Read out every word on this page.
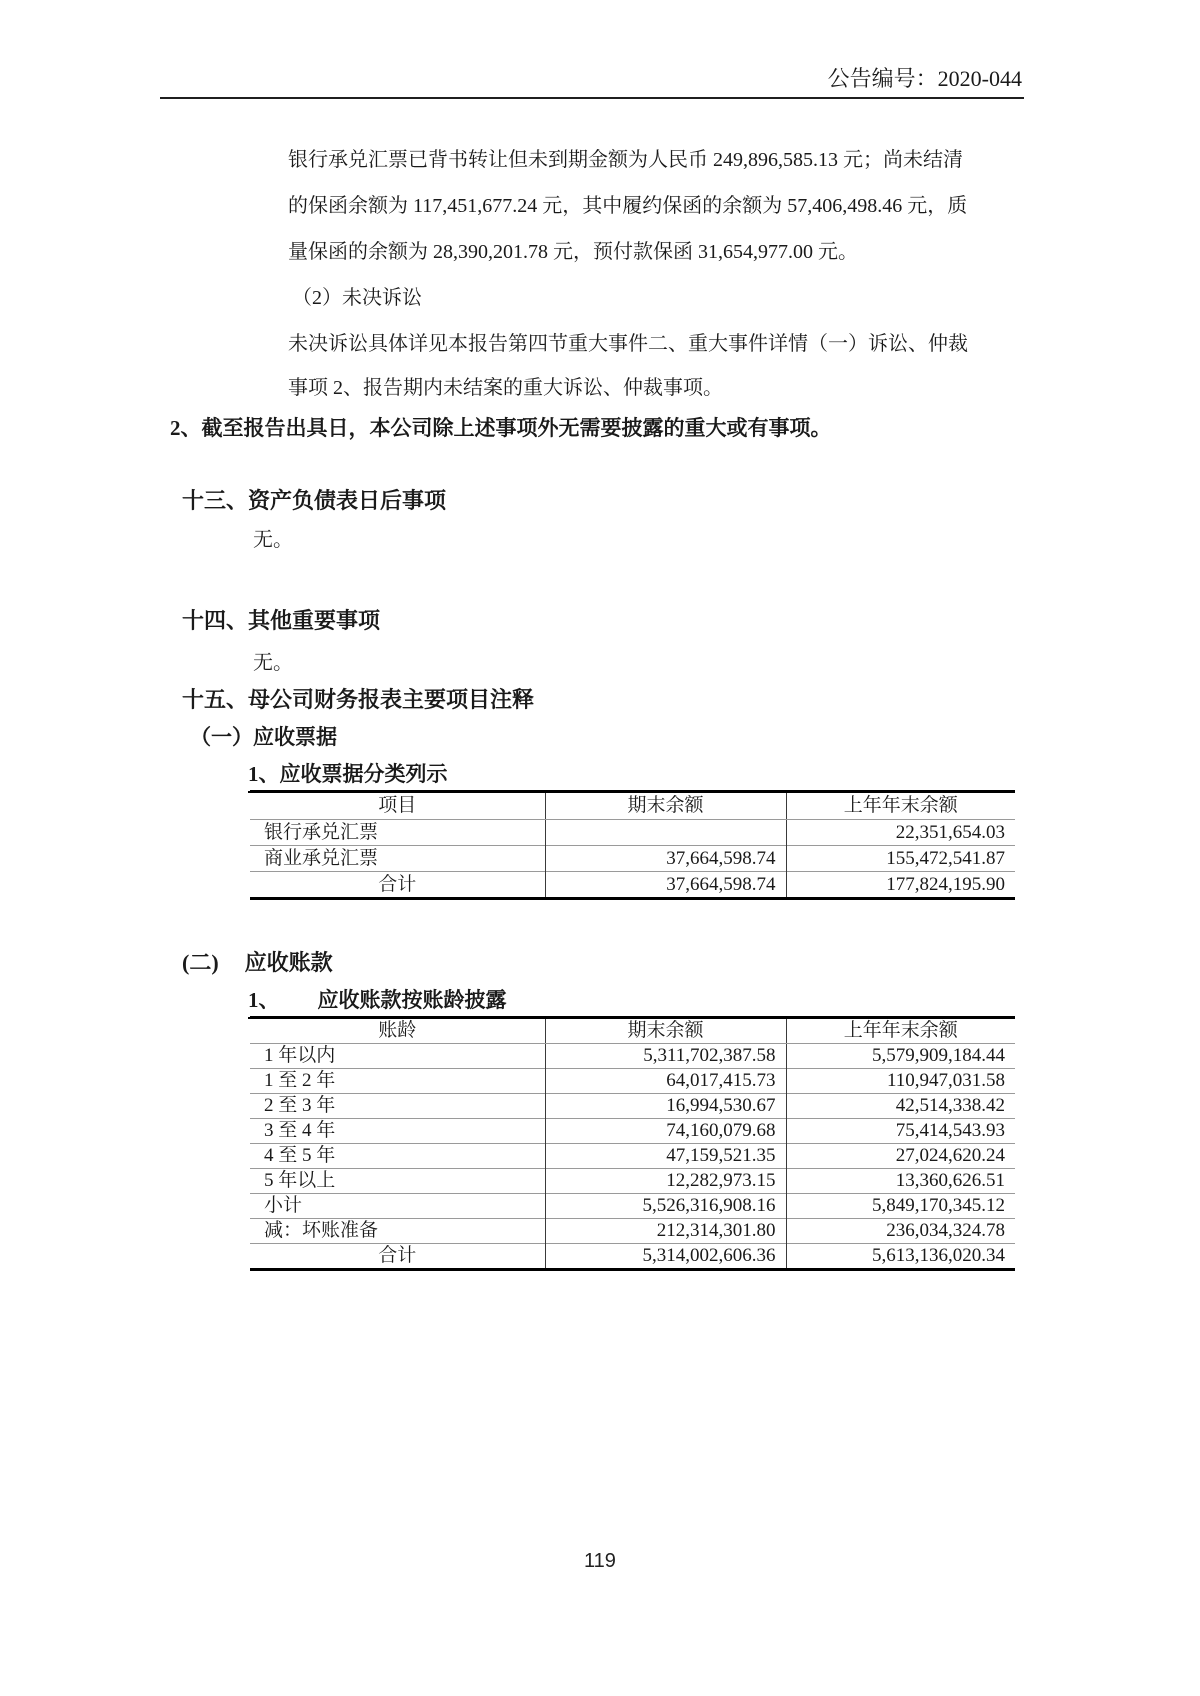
公告编号：2020-044
银行承兑汇票已背书转让但未到期金额为人民币 249,896,585.13 元；尚未结清
的保函余额为 117,451,677.24 元，其中履约保函的余额为 57,406,498.46 元，质
量保函的余额为 28,390,201.78 元，预付款保函 31,654,977.00 元。
（2）未决诉讼
未决诉讼具体详见本报告第四节重大事件二、重大事件详情（一）诉讼、仲裁
事项 2、报告期内未结案的重大诉讼、仲裁事项。
2、截至报告出具日，本公司除上述事项外无需要披露的重大或有事项。
十三、资产负债表日后事项
无。
十四、其他重要事项
无。
十五、母公司财务报表主要项目注释
（一）应收票据
1、应收票据分类列示
项目	期末余额	上年年末余额
银行承兑汇票		22,351,654.03
商业承兑汇票	37,664,598.74	155,472,541.87
合计	37,664,598.74	177,824,195.90
(二) 应收账款
1、 应收账款按账龄披露
账龄	期末余额	上年年末余额
1 年以内	5,311,702,387.58	5,579,909,184.44
1 至 2 年	64,017,415.73	110,947,031.58
2 至 3 年	16,994,530.67	42,514,338.42
3 至 4 年	74,160,079.68	75,414,543.93
4 至 5 年	47,159,521.35	27,024,620.24
5 年以上	12,282,973.15	13,360,626.51
小计	5,526,316,908.16	5,849,170,345.12
减：坏账准备	212,314,301.80	236,034,324.78
合计	5,314,002,606.36	5,613,136,020.34
119
